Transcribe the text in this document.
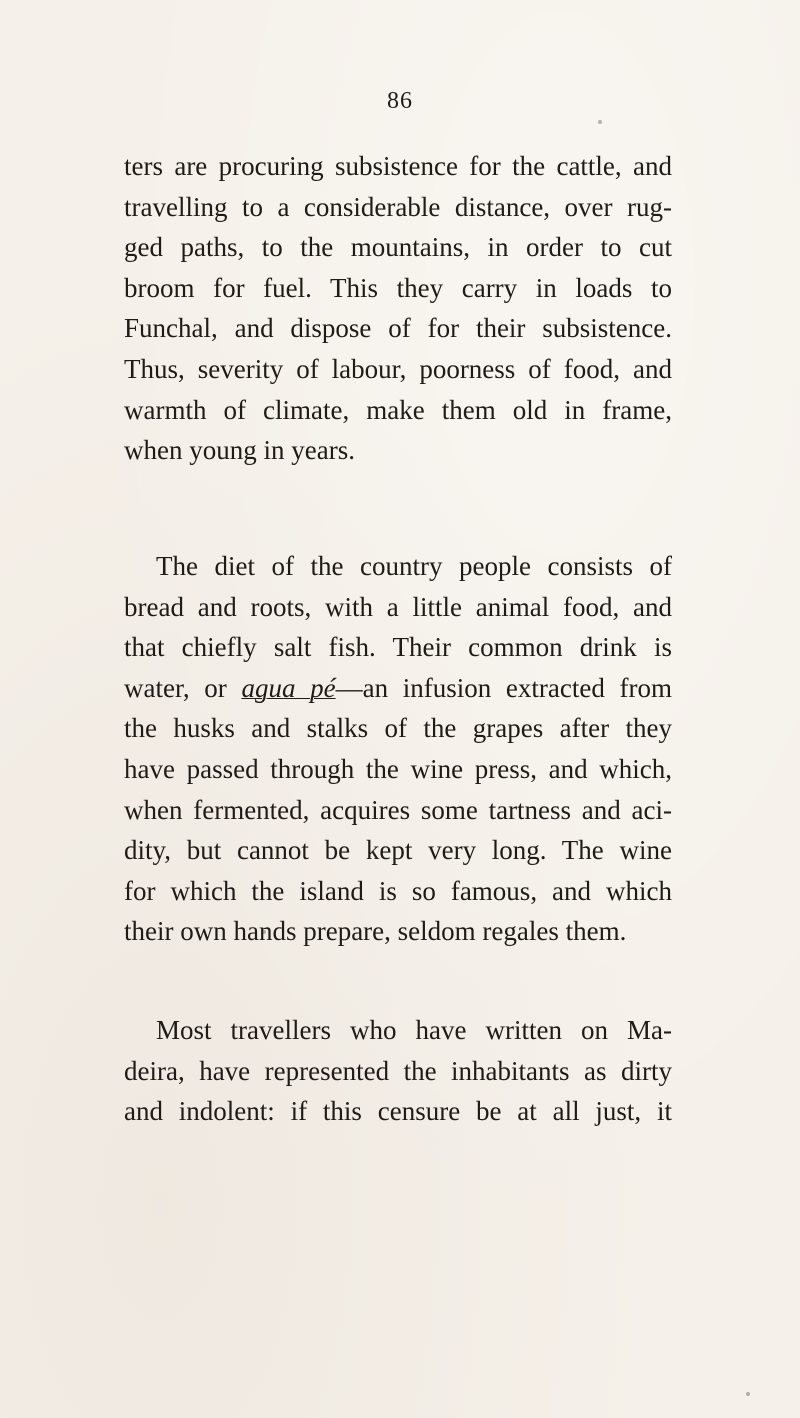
86
ters are procuring subsistence for the cattle, and
travelling to a considerable distance, over rug-
ged paths, to the mountains, in order to cut
broom for fuel. This they carry in loads to
Funchal, and dispose of for their subsistence.
Thus, severity of labour, poorness of food, and
warmth of climate, make them old in frame,
when young in years.
The diet of the country people consists of
bread and roots, with a little animal food, and
that chiefly salt fish. Their common drink is
water, or agua pé—an infusion extracted from
the husks and stalks of the grapes after they
have passed through the wine press, and which,
when fermented, acquires some tartness and aci-
dity, but cannot be kept very long. The wine
for which the island is so famous, and which
their own hands prepare, seldom regales them.
Most travellers who have written on Ma-
deira, have represented the inhabitants as dirty
and indolent: if this censure be at all just, it
